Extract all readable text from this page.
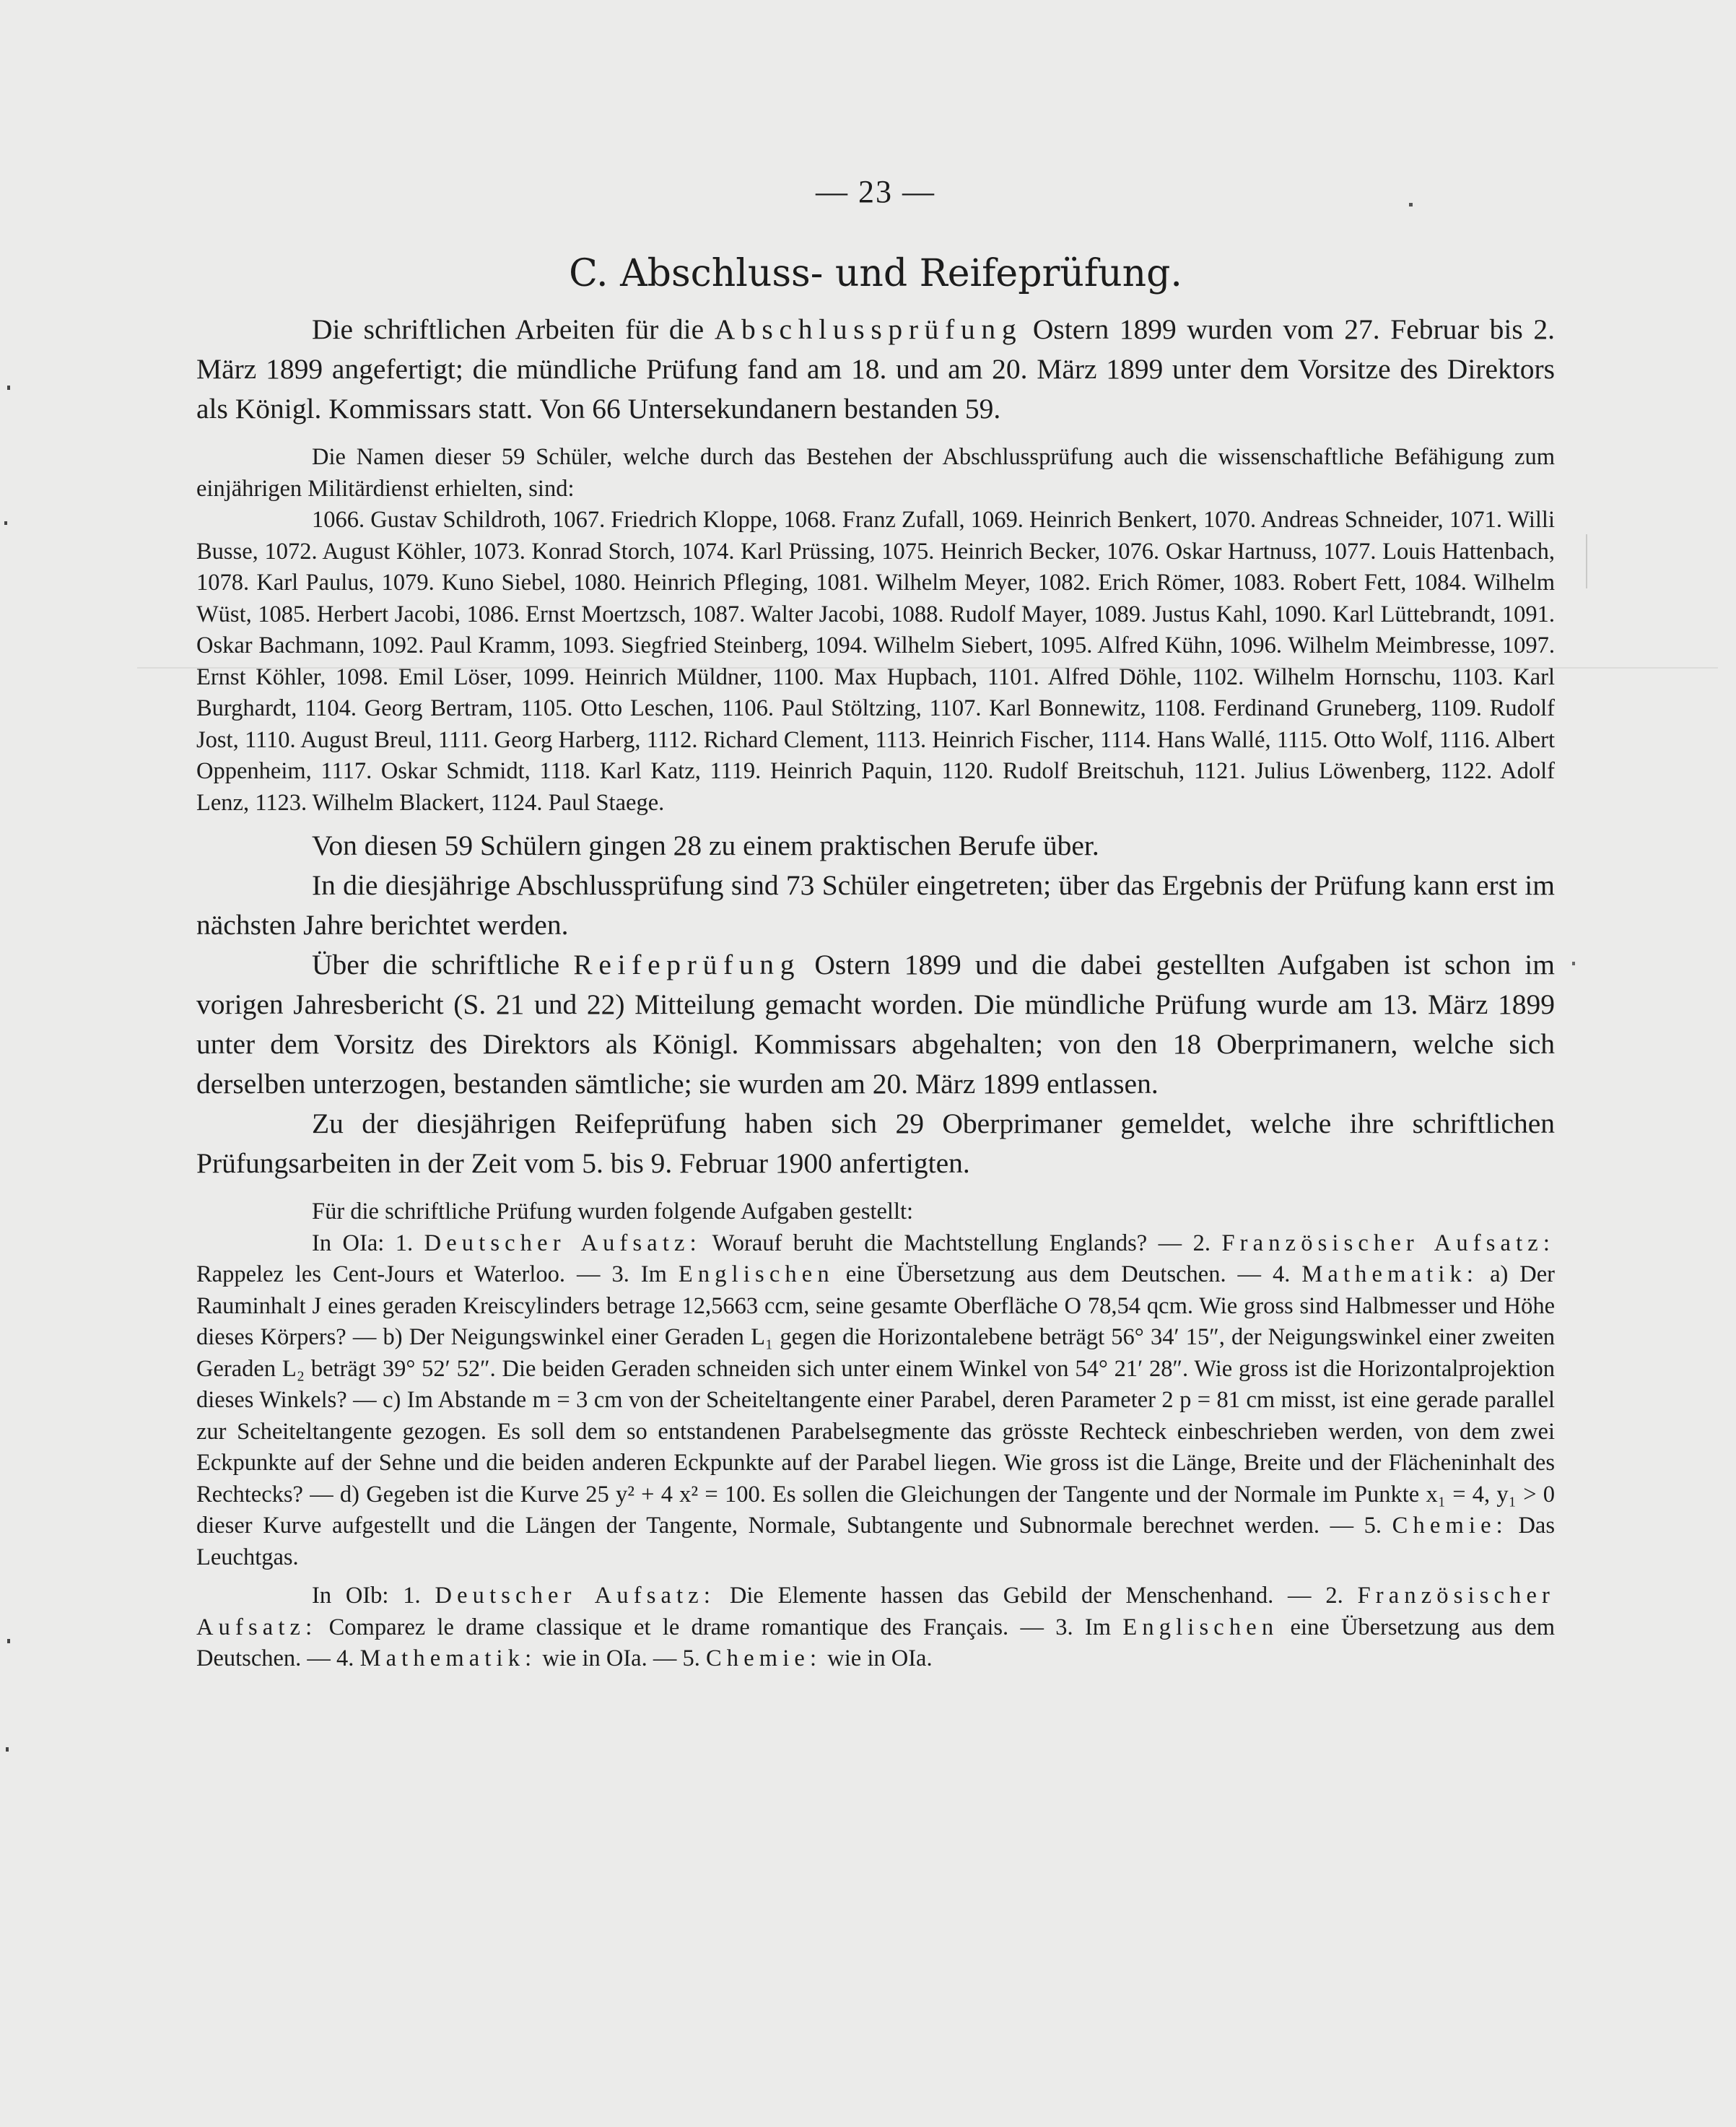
— 23 —
C. Abschluss- und Reifeprüfung.

Die schriftlichen Arbeiten für die Abschlussprüfung Ostern 1899 wurden vom 27. Februar bis 2. März 1899 angefertigt; die mündliche Prüfung fand am 18. und am 20. März 1899 unter dem Vorsitze des Direktors als Königl. Kommissars statt. Von 66 Untersekundanern bestanden 59.

Die Namen dieser 59 Schüler, welche durch das Bestehen der Abschlussprüfung auch die wissenschaftliche Befähigung zum einjährigen Militärdienst erhielten, sind:

1066. Gustav Schildroth, 1067. Friedrich Kloppe, 1068. Franz Zufall, 1069. Heinrich Benkert, 1070. Andreas Schneider, 1071. Willi Busse, 1072. August Köhler, 1073. Konrad Storch, 1074. Karl Prüssing, 1075. Heinrich Becker, 1076. Oskar Hartnuss, 1077. Louis Hattenbach, 1078. Karl Paulus, 1079. Kuno Siebel, 1080. Heinrich Pfleging, 1081. Wilhelm Meyer, 1082. Erich Römer, 1083. Robert Fett, 1084. Wilhelm Wüst, 1085. Herbert Jacobi, 1086. Ernst Moertzsch, 1087. Walter Jacobi, 1088. Rudolf Mayer, 1089. Justus Kahl, 1090. Karl Lüttebrandt, 1091. Oskar Bachmann, 1092. Paul Kramm, 1093. Siegfried Steinberg, 1094. Wilhelm Siebert, 1095. Alfred Kühn, 1096. Wilhelm Meimbresse, 1097. Ernst Köhler, 1098. Emil Löser, 1099. Heinrich Müldner, 1100. Max Hupbach, 1101. Alfred Döhle, 1102. Wilhelm Hornschu, 1103. Karl Burghardt, 1104. Georg Bertram, 1105. Otto Leschen, 1106. Paul Stöltzing, 1107. Karl Bonnewitz, 1108. Ferdinand Gruneberg, 1109. Rudolf Jost, 1110. August Breul, 1111. Georg Harberg, 1112. Richard Clement, 1113. Heinrich Fischer, 1114. Hans Wallé, 1115. Otto Wolf, 1116. Albert Oppenheim, 1117. Oskar Schmidt, 1118. Karl Katz, 1119. Heinrich Paquin, 1120. Rudolf Breitschuh, 1121. Julius Löwenberg, 1122. Adolf Lenz, 1123. Wilhelm Blackert, 1124. Paul Staege.

Von diesen 59 Schülern gingen 28 zu einem praktischen Berufe über.

In die diesjährige Abschlussprüfung sind 73 Schüler eingetreten; über das Ergebnis der Prüfung kann erst im nächsten Jahre berichtet werden.

Über die schriftliche Reifeprüfung Ostern 1899 und die dabei gestellten Aufgaben ist schon im vorigen Jahresbericht (S. 21 und 22) Mitteilung gemacht worden. Die mündliche Prüfung wurde am 13. März 1899 unter dem Vorsitz des Direktors als Königl. Kommissars abgehalten; von den 18 Oberprimanern, welche sich derselben unterzogen, bestanden sämtliche; sie wurden am 20. März 1899 entlassen.

Zu der diesjährigen Reifeprüfung haben sich 29 Oberprimaner gemeldet, welche ihre schriftlichen Prüfungsarbeiten in der Zeit vom 5. bis 9. Februar 1900 anfertigten.

Für die schriftliche Prüfung wurden folgende Aufgaben gestellt:

In OIa: 1. Deutscher Aufsatz: Worauf beruht die Machtstellung Englands? — 2. Französischer Aufsatz: Rappelez les Cent-Jours et Waterloo. — 3. Im Englischen eine Übersetzung aus dem Deutschen. — 4. Mathematik: a) Der Rauminhalt J eines geraden Kreiscylinders betrage 12,5663 ccm, seine gesamte Oberfläche O 78,54 qcm. Wie gross sind Halbmesser und Höhe dieses Körpers? — b) Der Neigungswinkel einer Geraden L₁ gegen die Horizontalebene beträgt 56° 34′ 15″, der Neigungswinkel einer zweiten Geraden L₂ beträgt 39° 52′ 52″. Die beiden Geraden schneiden sich unter einem Winkel von 54° 21′ 28″. Wie gross ist die Horizontalprojektion dieses Winkels? — c) Im Abstande m = 3 cm von der Scheiteltangente einer Parabel, deren Parameter 2 p = 81 cm misst, ist eine gerade parallel zur Scheiteltangente gezogen. Es soll dem so entstandenen Parabelsegmente das grösste Rechteck einbeschrieben werden, von dem zwei Eckpunkte auf der Sehne und die beiden anderen Eckpunkte auf der Parabel liegen. Wie gross ist die Länge, Breite und der Flächeninhalt des Rechtecks? — d) Gegeben ist die Kurve 25 y² + 4 x² = 100. Es sollen die Gleichungen der Tangente und der Normale im Punkte x₁ = 4, y₁ > 0 dieser Kurve aufgestellt und die Längen der Tangente, Normale, Subtangente und Subnormale berechnet werden. — 5. Chemie: Das Leuchtgas.

In OIb: 1. Deutscher Aufsatz: Die Elemente hassen das Gebild der Menschenhand. — 2. Französischer Aufsatz: Comparez le drame classique et le drame romantique des Français. — 3. Im Englischen eine Übersetzung aus dem Deutschen. — 4. Mathematik: wie in OIa. — 5. Chemie: wie in OIa.
